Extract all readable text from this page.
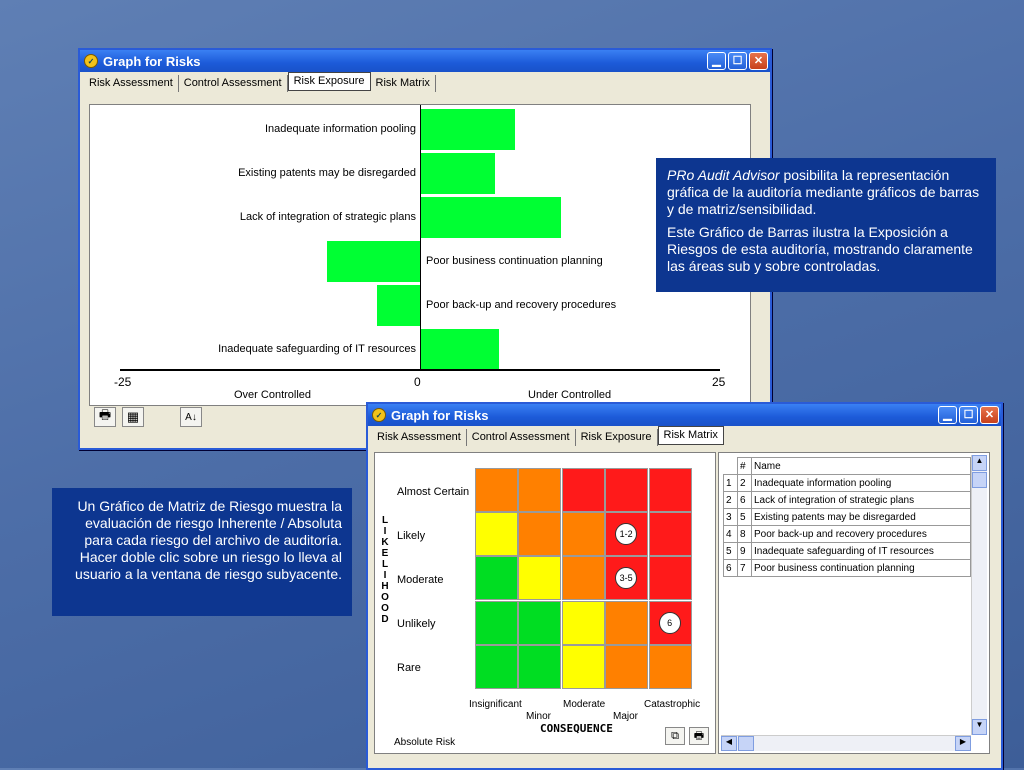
✓ Graph for Risks	▁	☐	✕
Risk Assessment	Control Assessment	Risk Exposure	Risk Matrix
Inadequate information pooling
Existing patents may be disregarded
Lack of integration of strategic plans
Poor business continuation planning
Poor back-up and recovery procedures
Inadequate safeguarding of IT resources
-25	0	25
Over Controlled	Under Controlled
🖶	▦	A↓
PRo Audit Advisor posibilita la representación gráfica de la auditoría mediante gráficos de barras y de matriz/sensibilidad.
Este Gráfico de Barras ilustra la Exposición a Riesgos de esta auditoría, mostrando claramente las áreas sub y sobre controladas.
Un Gráfico de Matriz de Riesgo muestra la evaluación de riesgo Inherente / Absoluta para cada riesgo del archivo de auditoría. Hacer doble clic sobre un riesgo lo lleva al usuario a la ventana de riesgo subyacente.
✓ Graph for Risks	▁	☐	✕
Risk Assessment	Control Assessment	Risk Exposure	Risk Matrix
Almost Certain
Likely
Moderate
Unlikely
Rare
L
I
K
E
L
I
H
O
O
D
1-2
3-5
6
Insignificant	Moderate	Catastrophic
Minor	Major
CONSEQUENCE
Absolute Risk
⧉	🖶
	#	Name
1	2	Inadequate information pooling
2	6	Lack of integration of strategic plans
3	5	Existing patents may be disregarded
4	8	Poor back-up and recovery procedures
5	9	Inadequate safeguarding of IT resources
6	7	Poor business continuation planning
▲
▼
◀	▶
